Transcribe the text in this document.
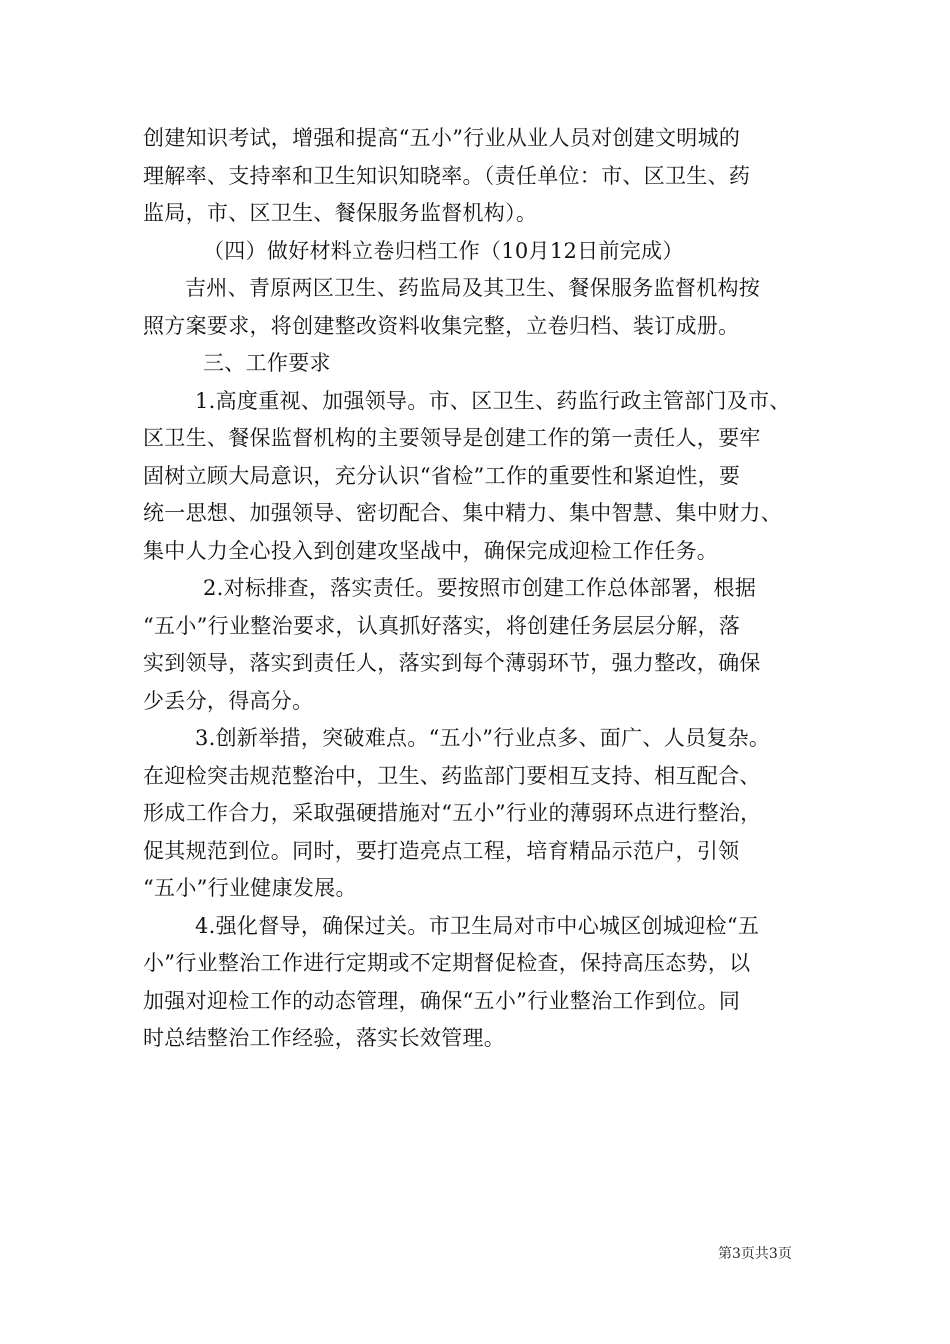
创建知识考试，增强和提高“五小”行业从业人员对创建文明城的
理解率、支持率和卫生知识知晓率。（责任单位：市、区卫生、药
监局，市、区卫生、餐保服务监督机构）。
（四）做好材料立卷归档工作（10月12日前完成）
吉州、青原两区卫生、药监局及其卫生、餐保服务监督机构按
照方案要求，将创建整改资料收集完整，立卷归档、装订成册。
三、工作要求
1.高度重视、加强领导。市、区卫生、药监行政主管部门及市、
区卫生、餐保监督机构的主要领导是创建工作的第一责任人，要牢
固树立顾大局意识，充分认识“省检”工作的重要性和紧迫性，要
统一思想、加强领导、密切配合、集中精力、集中智慧、集中财力、
集中人力全心投入到创建攻坚战中，确保完成迎检工作任务。
2.对标排查，落实责任。要按照市创建工作总体部署，根据
“五小”行业整治要求，认真抓好落实，将创建任务层层分解，落
实到领导，落实到责任人，落实到每个薄弱环节，强力整改，确保
少丢分，得高分。
3.创新举措，突破难点。“五小”行业点多、面广、人员复杂。
在迎检突击规范整治中，卫生、药监部门要相互支持、相互配合、
形成工作合力，采取强硬措施对“五小”行业的薄弱环点进行整治，
促其规范到位。同时，要打造亮点工程，培育精品示范户，引领
“五小”行业健康发展。
4.强化督导，确保过关。市卫生局对市中心城区创城迎检“五
小”行业整治工作进行定期或不定期督促检查，保持高压态势，以
加强对迎检工作的动态管理，确保“五小”行业整治工作到位。同
时总结整治工作经验，落实长效管理。
第3页共3页
